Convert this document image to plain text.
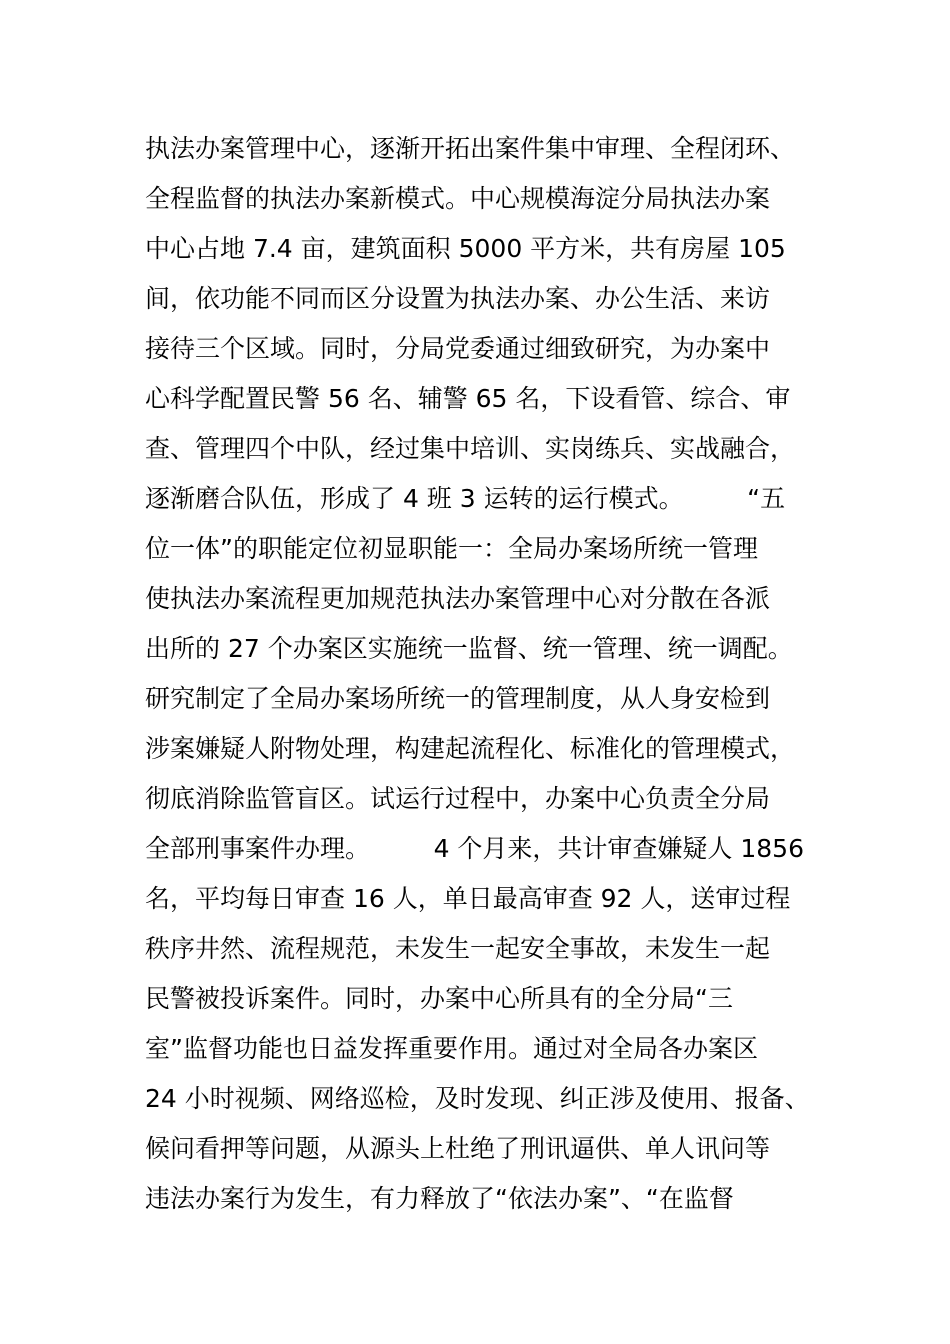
执法办案管理中心，逐渐开拓出案件集中审理、全程闭环、
全程监督的执法办案新模式。中心规模海淀分局执法办案
中心占地 7.4 亩，建筑面积 5000 平方米，共有房屋 105
间，依功能不同而区分设置为执法办案、办公生活、来访
接待三个区域。同时，分局党委通过细致研究，为办案中
心科学配置民警 56 名、辅警 65 名，下设看管、综合、审
查、管理四个中队，经过集中培训、实岗练兵、实战融合，
逐渐磨合队伍，形成了 4 班 3 运转的运行模式。        “五
位一体”的职能定位初显职能一：全局办案场所统一管理
使执法办案流程更加规范执法办案管理中心对分散在各派
出所的 27 个办案区实施统一监督、统一管理、统一调配。
研究制定了全局办案场所统一的管理制度，从人身安检到
涉案嫌疑人附物处理，构建起流程化、标准化的管理模式，
彻底消除监管盲区。试运行过程中，办案中心负责全分局
全部刑事案件办理。        4 个月来，共计审查嫌疑人 1856
名，平均每日审查 16 人，单日最高审查 92 人，送审过程
秩序井然、流程规范，未发生一起安全事故，未发生一起
民警被投诉案件。同时，办案中心所具有的全分局“三
室”监督功能也日益发挥重要作用。通过对全局各办案区
24 小时视频、网络巡检，及时发现、纠正涉及使用、报备、
候问看押等问题，从源头上杜绝了刑讯逼供、单人讯问等
违法办案行为发生，有力释放了“依法办案”、“在监督
